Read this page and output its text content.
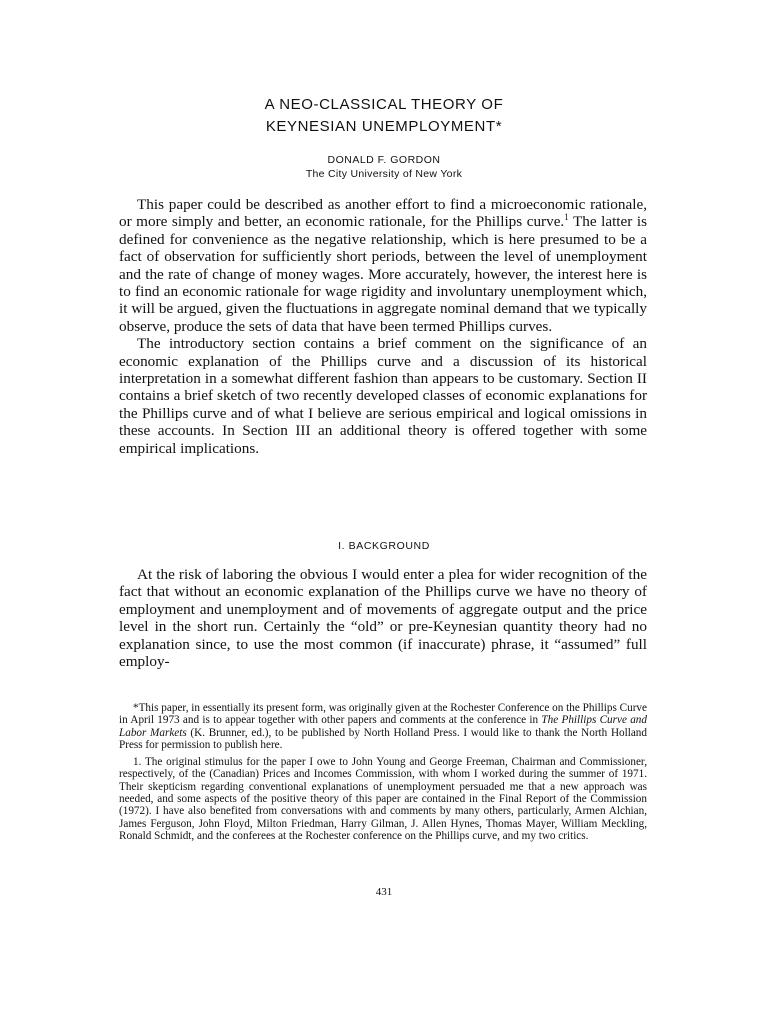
A NEO-CLASSICAL THEORY OF
KEYNESIAN UNEMPLOYMENT*
DONALD F. GORDON
The City University of New York

This paper could be described as another effort to find a microeconomic rationale, or more simply and better, an economic rationale, for the Phillips curve.$^1$ The latter is defined for convenience as the negative relationship, which is here presumed to be a fact of observation for sufficiently short periods, between the level of unemployment and the rate of change of money wages. More accurately, however, the interest here is to find an economic rationale for wage rigidity and involuntary unemployment which, it will be argued, given the fluctuations in aggregate nominal demand that we typically observe, produce the sets of data that have been termed Phillips curves.

The introductory section contains a brief comment on the significance of an economic explanation of the Phillips curve and a discussion of its historical interpretation in a somewhat different fashion than appears to be customary. Section II contains a brief sketch of two recently developed classes of economic explanations for the Phillips curve and of what I believe are serious empirical and logical omissions in these accounts. In Section III an additional theory is offered together with some empirical implications.

I. BACKGROUND

At the risk of laboring the obvious I would enter a plea for wider recognition of the fact that without an economic explanation of the Phillips curve we have no theory of employment and unemployment and of movements of aggregate output and the price level in the short run. Certainly the “old” or pre-Keynesian quantity theory had no explanation since, to use the most common (if inaccurate) phrase, it “assumed” full employ-

*This paper, in essentially its present form, was originally given at the Rochester Conference on the Phillips Curve in April 1973 and is to appear together with other papers and comments at the conference in The Phillips Curve and Labor Markets (K. Brunner, ed.), to be published by North Holland Press. I would like to thank the North Holland Press for permission to publish here.

1. The original stimulus for the paper I owe to John Young and George Freeman, Chairman and Commissioner, respectively, of the (Canadian) Prices and Incomes Commission, with whom I worked during the summer of 1971. Their skepticism regarding conventional explanations of unemployment persuaded me that a new approach was needed, and some aspects of the positive theory of this paper are contained in the Final Report of the Commission (1972). I have also benefited from conversations with and comments by many others, particularly, Armen Alchian, James Ferguson, John Floyd, Milton Friedman, Harry Gilman, J. Allen Hynes, Thomas Mayer, William Meckling, Ronald Schmidt, and the conferees at the Rochester conference on the Phillips curve, and my two critics.

431
